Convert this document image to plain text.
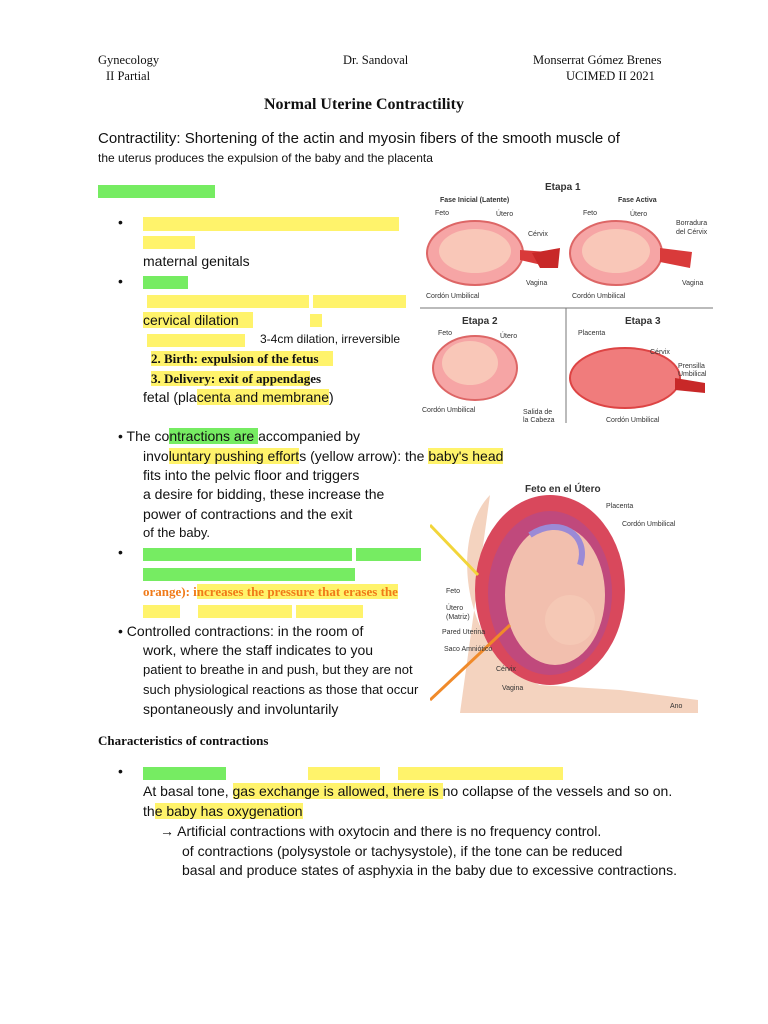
Gynecology
II Partial
Dr. Sandoval	Monserrat Gómez Brenes
UCIMED II 2021
Normal Uterine Contractility
Contractility: Shortening of the actin and myosin fibers of the smooth muscle of
the uterus produces the expulsion of the baby and the placenta
•
maternal genitals
•
cervical dilation
3-4cm dilation, irreversible
2. Birth: expulsion of the fetus
3. Delivery: exit of appendages
fetal (placenta and membrane)
Etapa 1
Fase Inicial (Latente)	Fase Activa
Feto	Útero
Cérvix
Vagina
Cordón Umbilical
Feto	Útero
Borradura
del Cérvix
Vagina
Cordón Umbilical
Etapa 2	Etapa 3
Feto	Útero
Cordón Umbilical	Salida de
la Cabeza
Placenta
Cérvix
Prensilla
Umbilical
Cordón Umbilical
• The contractions are accompanied by
involuntary pushing efforts (yellow arrow): the baby's head
fits into the pelvic floor and triggers
a desire for bidding, these increase the
power of contractions and the exit
of the baby.
•
orange): increases the pressure that erases the
• Controlled contractions: in the room of
work, where the staff indicates to you
patient to breathe in and push, but they are not
such physiological reactions as those that occur
spontaneously and involuntarily
Feto en el Útero
Placenta
Cordón Umbilical
Feto
Útero
(Matriz)
Pared Uterina
Saco Amniótico
Cérvix
Vagina
Ano
Characteristics of contractions
•
At basal tone, gas exchange is allowed, there is no collapse of the vessels and so on.
the baby has oxygenation
→ Artificial contractions with oxytocin and there is no frequency control.
of contractions (polysystole or tachysystole), if the tone can be reduced
basal and produce states of asphyxia in the baby due to excessive contractions.
